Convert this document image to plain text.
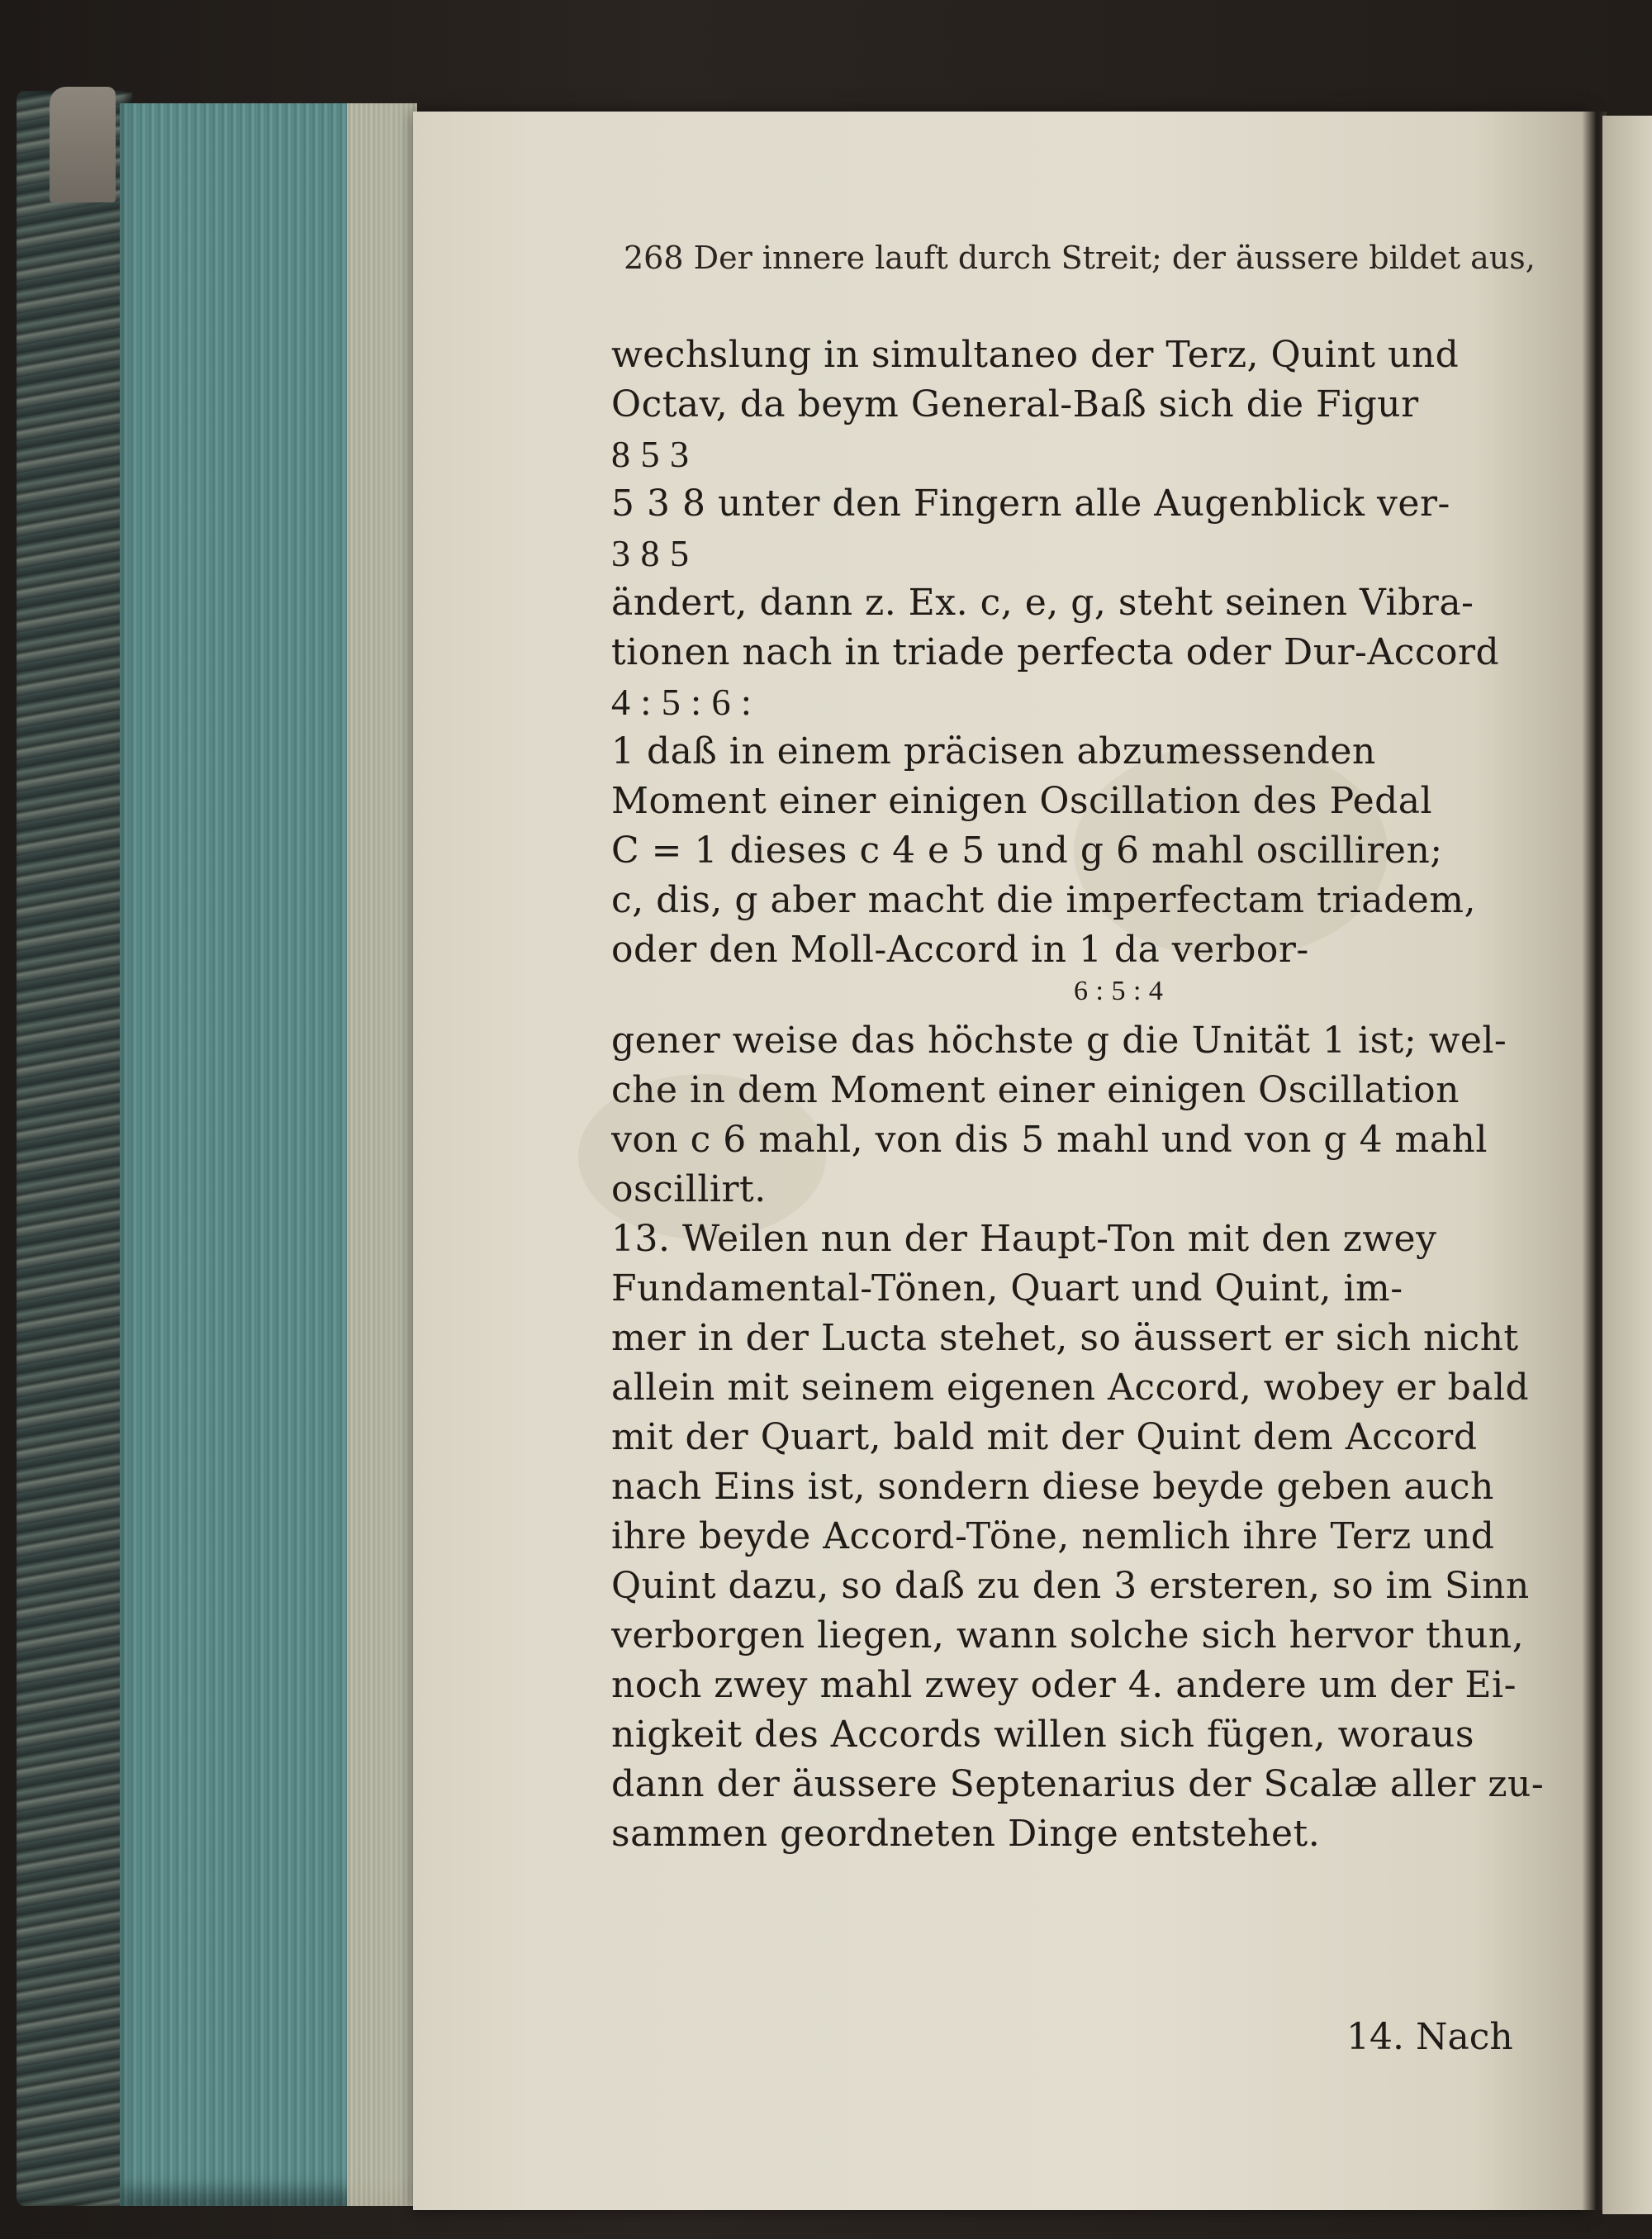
268 Der innere lauft durch Streit; der äussere bildet aus,
wechslung in simultaneo der Terz, Quint und
Octav, da beym General-Baß sich die Figur
8 5 3
5 3 8 unter den Fingern alle Augenblick ver-
3 8 5
ändert, dann z. Ex. c, e, g, steht seinen Vibra-
tionen nach in triade perfecta oder Dur-Accord
4 : 5 : 6 :
1 daß in einem präcisen abzumessenden
Moment einer einigen Oscillation des Pedal
C = 1 dieses c 4 e 5 und g 6 mahl oscilliren;
c, dis, g aber macht die imperfectam triadem,
oder den Moll-Accord in 1 da verbor-
6 : 5 : 4
gener weise das höchste g die Unität 1 ist; wel-
che in dem Moment einer einigen Oscillation
von c 6 mahl, von dis 5 mahl und von g 4 mahl
oscillirt.
13. Weilen nun der Haupt-Ton mit den zwey
Fundamental-Tönen, Quart und Quint, im-
mer in der Lucta stehet, so äussert er sich nicht
allein mit seinem eigenen Accord, wobey er bald
mit der Quart, bald mit der Quint dem Accord
nach Eins ist, sondern diese beyde geben auch
ihre beyde Accord-Töne, nemlich ihre Terz und
Quint dazu, so daß zu den 3 ersteren, so im Sinn
verborgen liegen, wann solche sich hervor thun,
noch zwey mahl zwey oder 4. andere um der Ei-
nigkeit des Accords willen sich fügen, woraus
dann der äussere Septenarius der Scalæ aller zu-
sammen geordneten Dinge entstehet.
14. Nach
